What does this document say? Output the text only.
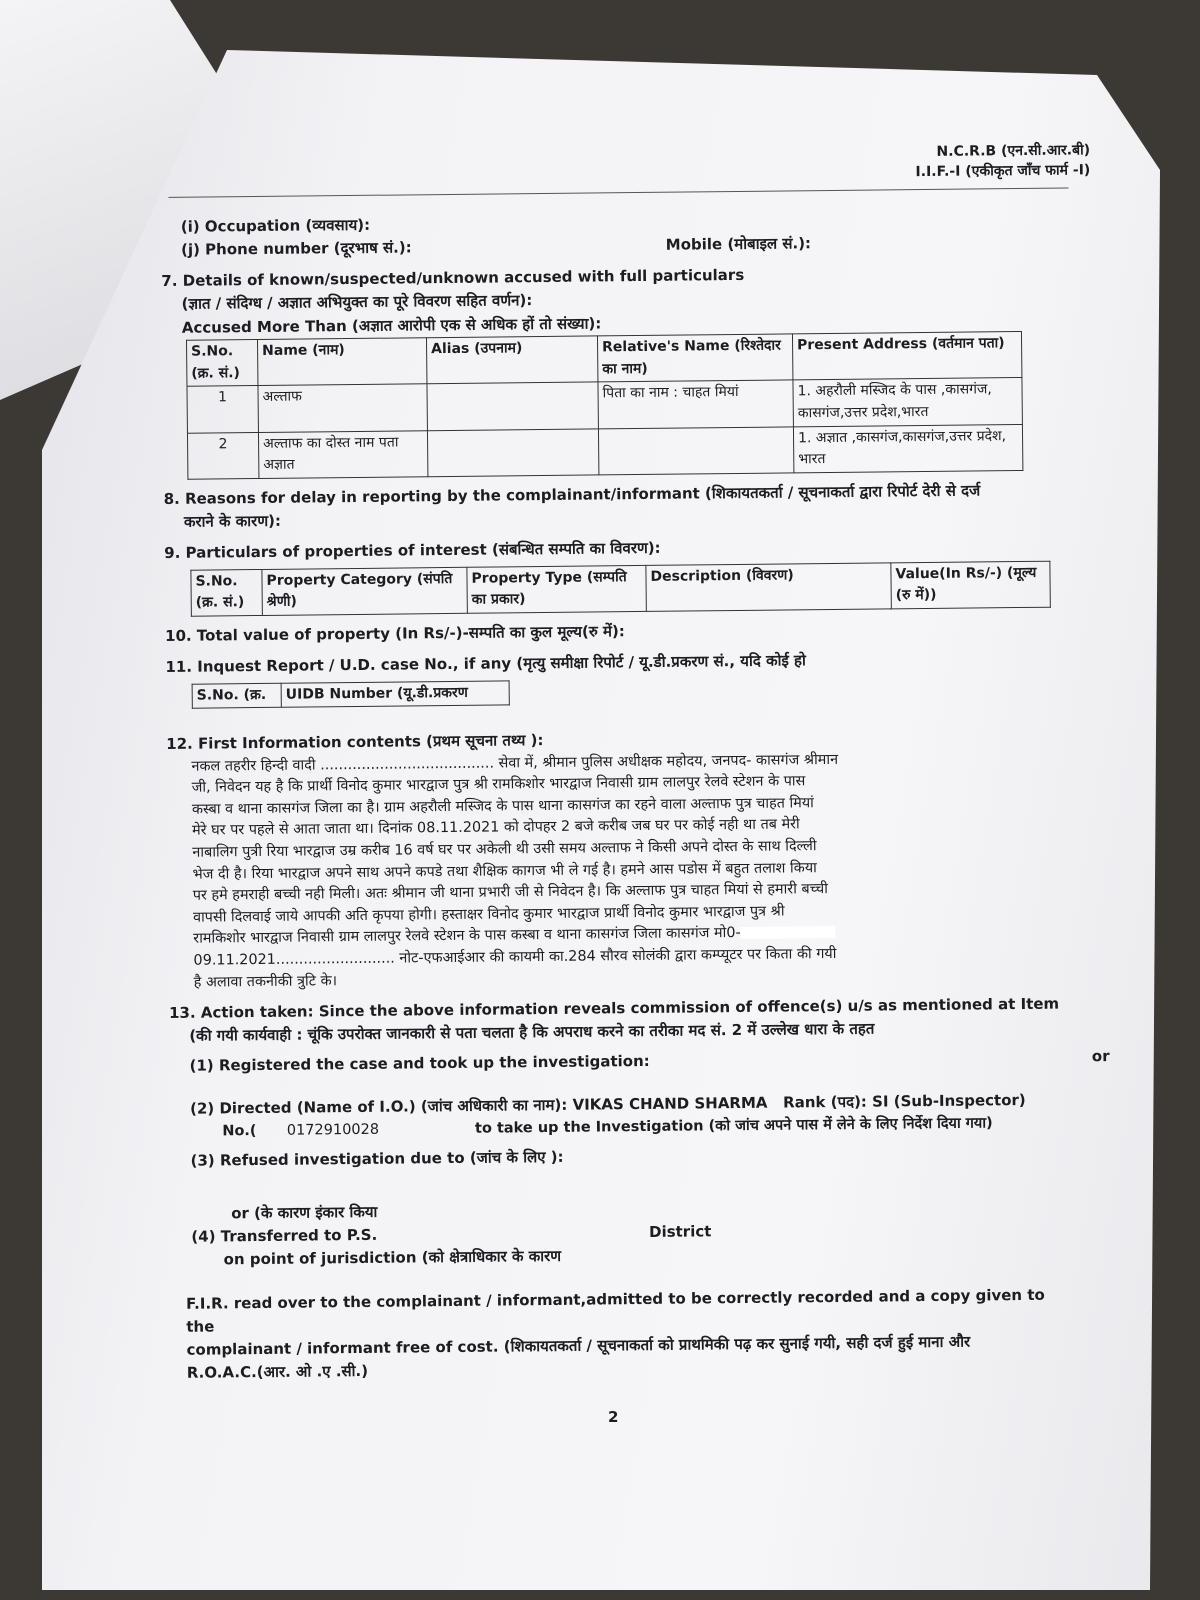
N.C.R.B (एन.सी.आर.बी)
I.I.F.-I (एकीकृत जाँच फार्म -I)
(i) Occupation (व्यवसाय):
(j) Phone number (दूरभाष सं.):	Mobile (मोबाइल सं.):
7. Details of known/suspected/unknown accused with full particulars
(ज्ञात / संदिग्ध / अज्ञात अभियुक्त का पूरे विवरण सहित वर्णन):
Accused More Than (अज्ञात आरोपी एक से अधिक हों तो संख्या):
S.No.(क्र. सं.)	Name (नाम)	Alias (उपनाम)	Relative's Name (रिश्तेदार का नाम)	Present Address (वर्तमान पता)
1	अल्ताफ		पिता का नाम : चाहत मियां	1. अहरौली मस्जिद के पास ,कासगंज, कासगंज,उत्तर प्रदेश,भारत
2	अल्ताफ का दोस्त नाम पता अज्ञात			1. अज्ञात ,कासगंज,कासगंज,उत्तर प्रदेश, भारत
8. Reasons for delay in reporting by the complainant/informant (शिकायतकर्ता / सूचनाकर्ता द्वारा रिपोर्ट देरी से दर्ज
कराने के कारण):
9. Particulars of properties of interest (संबन्धित सम्पति का विवरण):
S.No. (क्र. सं.)	Property Category (संपति श्रेणी)	Property Type (सम्पति का प्रकार)	Description (विवरण)	Value(In Rs/-) (मूल्य (रु में))
10. Total value of property (In Rs/-)-सम्पति का कुल मूल्य(रु में):
11. Inquest Report / U.D. case No., if any (मृत्यु समीक्षा रिपोर्ट / यू.डी.प्रकरण सं., यदि कोई हो
S.No. (क्र.	UIDB Number (यू.डी.प्रकरण
12. First Information contents (प्रथम सूचना तथ्य ):
नकल तहरीर हिन्दी वादी ...................................... सेवा में, श्रीमान पुलिस अधीक्षक महोदय, जनपद- कासगंज श्रीमान
जी, निवेदन यह है कि प्रार्थी विनोद कुमार भारद्वाज पुत्र श्री रामकिशोर भारद्वाज निवासी ग्राम लालपुर रेलवे स्टेशन के पास
कस्बा व थाना कासगंज जिला का है। ग्राम अहरौली मस्जिद के पास थाना कासगंज का रहने वाला अल्ताफ पुत्र चाहत मियां
मेरे घर पर पहले से आता जाता था। दिनांक 08.11.2021 को दोपहर 2 बजे करीब जब घर पर कोई नही था तब मेरी
नाबालिग पुत्री रिया भारद्वाज उम्र करीब 16 वर्ष घर पर अकेली थी उसी समय अल्ताफ ने किसी अपने दोस्त के साथ दिल्ली
भेज दी है। रिया भारद्वाज अपने साथ अपने कपडे तथा शैक्षिक कागज भी ले गई है। हमने आस पडोस में बहुत तलाश किया
पर हमे हमराही बच्ची नही मिली। अतः श्रीमान जी थाना प्रभारी जी से निवेदन है। कि अल्ताफ पुत्र चाहत मियां से हमारी बच्ची
वापसी दिलवाई जाये आपकी अति कृपया होगी। हस्ताक्षर विनोद कुमार भारद्वाज प्रार्थी विनोद कुमार भारद्वाज पुत्र श्री
रामकिशोर भारद्वाज निवासी ग्राम लालपुर रेलवे स्टेशन के पास कस्बा व थाना कासगंज जिला कासगंज मो0-
09.11.2021.......................... नोट-एफआईआर की कायमी का.284 सौरव सोलंकी द्वारा कम्प्यूटर पर किता की गयी
है अलावा तकनीकी त्रुटि के।
13. Action taken: Since the above information reveals commission of offence(s) u/s as mentioned at Item
(की गयी कार्यवाही : चूंकि उपरोक्त जानकारी से पता चलता है कि अपराध करने का तरीका मद सं. 2 में उल्लेख धारा के तहत
(1) Registered the case and took up the investigation:	or
(2) Directed (Name of I.O.) (जांच अधिकारी का नाम): VIKAS CHAND SHARMA Rank (पद): SI (Sub-Inspector)
No.( 0172910028	to take up the Investigation (को जांच अपने पास में लेने के लिए निर्देश दिया गया)
(3) Refused investigation due to (जांच के लिए ):
or (के कारण इंकार किया
(4) Transferred to P.S.	District
on point of jurisdiction (को क्षेत्राधिकार के कारण
F.I.R. read over to the complainant / informant,admitted to be correctly recorded and a copy given to the
complainant / informant free of cost. (शिकायतकर्ता / सूचनाकर्ता को प्राथमिकी पढ़ कर सुनाई गयी, सही दर्ज हुई माना और
R.O.A.C.(आर. ओ .ए .सी.)
2
